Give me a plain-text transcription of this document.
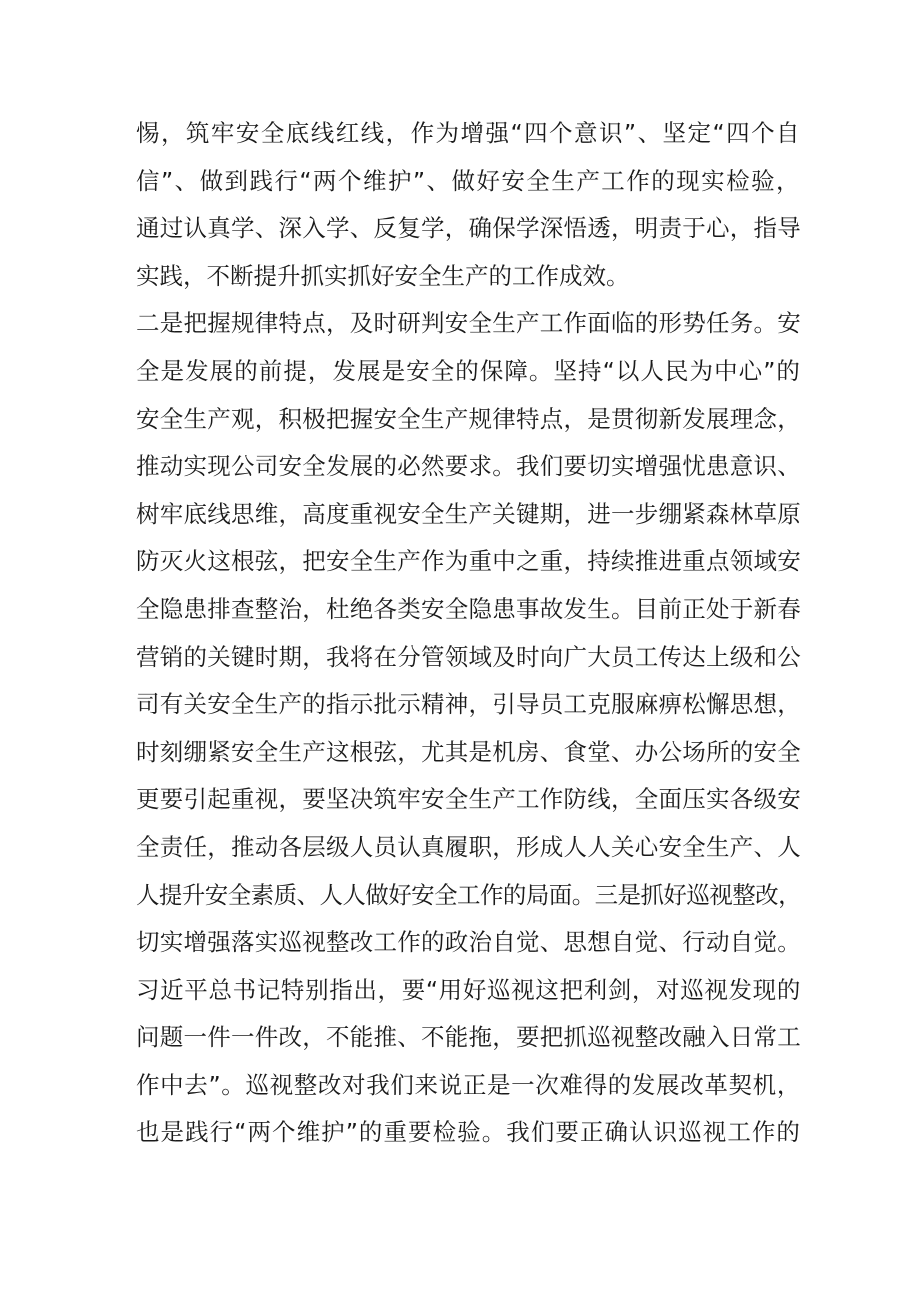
惕，筑牢安全底线红线，作为增强“四个意识”、坚定“四个自
信”、做到践行“两个维护”、做好安全生产工作的现实检验，
通过认真学、深入学、反复学，确保学深悟透，明责于心，指导
实践，不断提升抓实抓好安全生产的工作成效。
二是把握规律特点，及时研判安全生产工作面临的形势任务。安
全是发展的前提，发展是安全的保障。坚持“以人民为中心”的
安全生产观，积极把握安全生产规律特点，是贯彻新发展理念，
推动实现公司安全发展的必然要求。我们要切实增强忧患意识、
树牢底线思维，高度重视安全生产关键期，进一步绷紧森林草原
防灭火这根弦，把安全生产作为重中之重，持续推进重点领域安
全隐患排查整治，杜绝各类安全隐患事故发生。目前正处于新春
营销的关键时期，我将在分管领域及时向广大员工传达上级和公
司有关安全生产的指示批示精神，引导员工克服麻痹松懈思想，
时刻绷紧安全生产这根弦，尤其是机房、食堂、办公场所的安全
更要引起重视，要坚决筑牢安全生产工作防线，全面压实各级安
全责任，推动各层级人员认真履职，形成人人关心安全生产、人
人提升安全素质、人人做好安全工作的局面。三是抓好巡视整改，
切实增强落实巡视整改工作的政治自觉、思想自觉、行动自觉。
习近平总书记特别指出，要“用好巡视这把利剑，对巡视发现的
问题一件一件改，不能推、不能拖，要把抓巡视整改融入日常工
作中去”。巡视整改对我们来说正是一次难得的发展改革契机，
也是践行“两个维护”的重要检验。我们要正确认识巡视工作的
